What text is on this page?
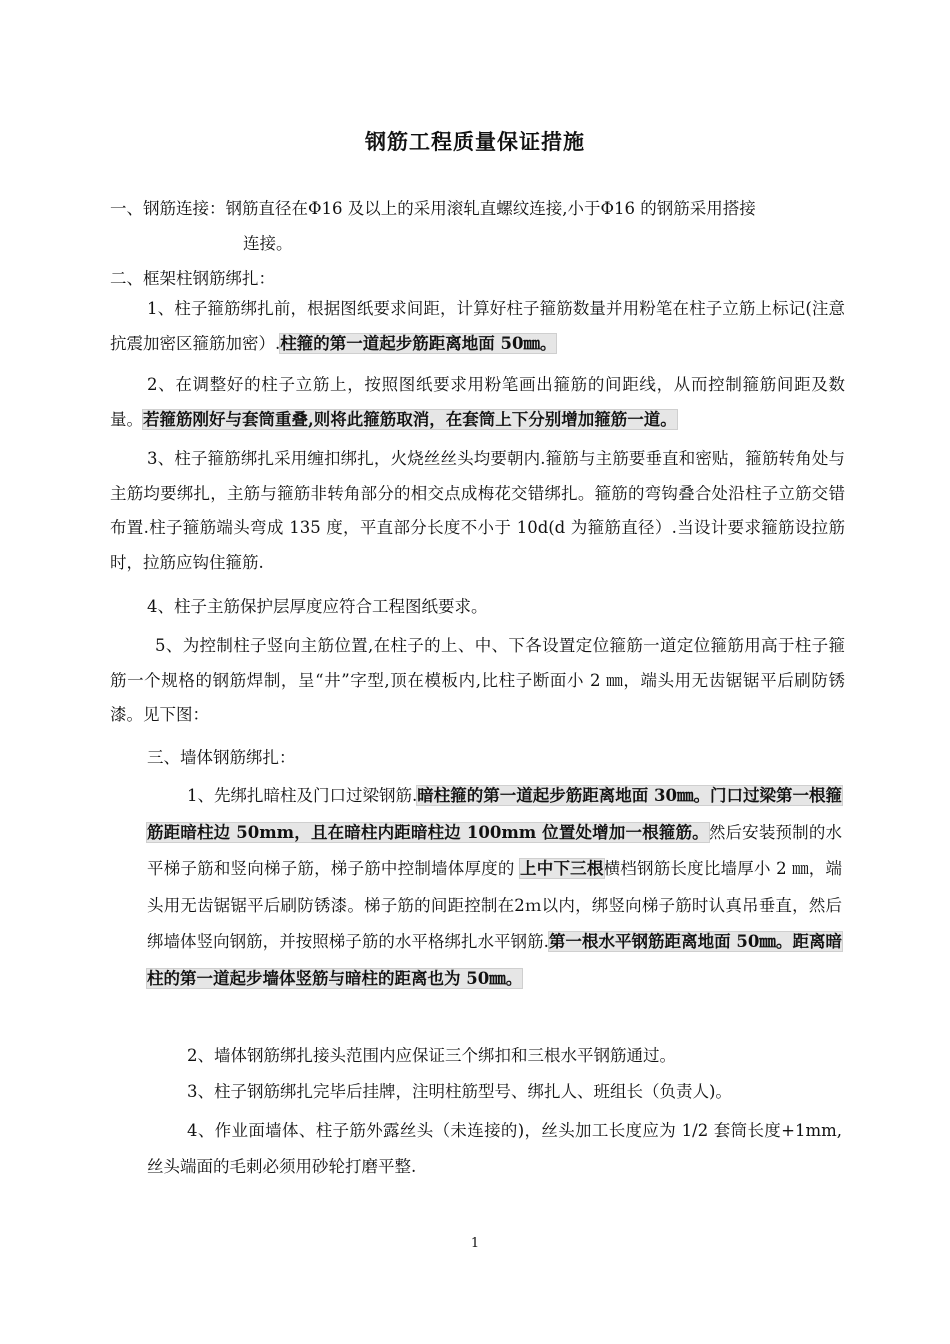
钢筋工程质量保证措施

一、钢筋连接：钢筋直径在Φ16 及以上的采用滚轧直螺纹连接,小于Φ16 的钢筋采用搭接

连接。

二、框架柱钢筋绑扎：

1、柱子箍筋绑扎前，根据图纸要求间距，计算好柱子箍筋数量并用粉笔在柱子立筋上标记(注意抗震加密区箍筋加密）.柱箍的第一道起步筋距离地面 50㎜。

2、在调整好的柱子立筋上，按照图纸要求用粉笔画出箍筋的间距线，从而控制箍筋间距及数量。若箍筋刚好与套筒重叠,则将此箍筋取消，在套筒上下分别增加箍筋一道。

3、柱子箍筋绑扎采用缠扣绑扎，火烧丝丝头均要朝内.箍筋与主筋要垂直和密贴，箍筋转角处与主筋均要绑扎，主筋与箍筋非转角部分的相交点成梅花交错绑扎。箍筋的弯钩叠合处沿柱子立筋交错布置.柱子箍筋端头弯成 135 度，平直部分长度不小于 10d(d 为箍筋直径）.当设计要求箍筋设拉筋时，拉筋应钩住箍筋.

4、柱子主筋保护层厚度应符合工程图纸要求。

5、为控制柱子竖向主筋位置,在柱子的上、中、下各设置定位箍筋一道定位箍筋用高于柱子箍筋一个规格的钢筋焊制，呈“井”字型,顶在模板内,比柱子断面小 2 ㎜，端头用无齿锯锯平后刷防锈漆。见下图：

三、墙体钢筋绑扎：

1、先绑扎暗柱及门口过梁钢筋.暗柱箍的第一道起步筋距离地面 30㎜。门口过梁第一根箍筋距暗柱边 50mm，且在暗柱内距暗柱边 100mm 位置处增加一根箍筋。然后安装预制的水平梯子筋和竖向梯子筋，梯子筋中控制墙体厚度的 上中下三根横档钢筋长度比墙厚小 2 ㎜，端头用无齿锯锯平后刷防锈漆。梯子筋的间距控制在2ｍ以内，绑竖向梯子筋时认真吊垂直，然后绑墙体竖向钢筋，并按照梯子筋的水平格绑扎水平钢筋.第一根水平钢筋距离地面 50㎜。距离暗柱的第一道起步墙体竖筋与暗柱的距离也为 50㎜。

2、墙体钢筋绑扎接头范围内应保证三个绑扣和三根水平钢筋通过。

3、柱子钢筋绑扎完毕后挂牌，注明柱筋型号、绑扎人、班组长（负责人)。

4、作业面墙体、柱子筋外露丝头（未连接的)，丝头加工长度应为 1/2 套筒长度+1mm,丝头端面的毛刺必须用砂轮打磨平整.

1
